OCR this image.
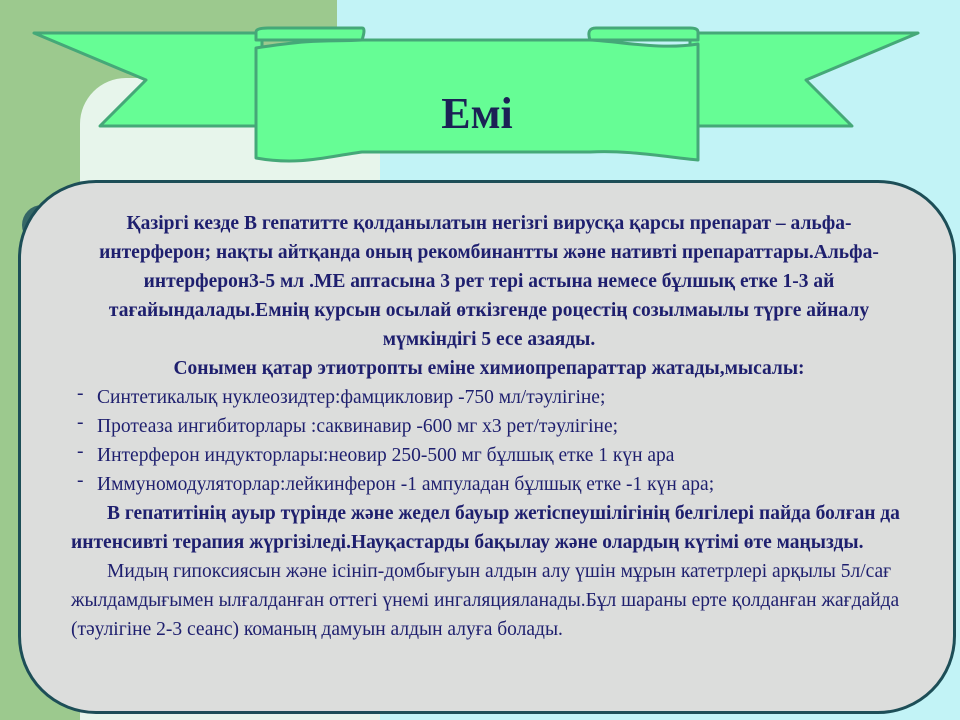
Емі

Қазіргі кезде В гепатитте қолданылатын негізгі вирусқа қарсы препарат – альфа-интерферон; нақты айтқанда оның рекомбинантты және нативті препараттары.Альфа-интерферон3-5 мл .МЕ аптасына 3 рет тері астына немесе бұлшық етке 1-3 ай тағайындалады.Емнің курсын осылай өткізгенде роцестің созылмаылы түрге айналу мүмкіндігі 5 есе азаяды.

Сонымен қатар этиотропты еміне химиопрепараттар жатады,мысалы:

- Синтетикалық нуклеозидтер:фамцикловир -750 мл/тәулігіне;
- Протеаза ингибиторлары :саквинавир -600 мг х3 рет/тәулігіне;
- Интерферон индукторлары:неовир 250-500 мг бұлшық етке 1 күн ара
- Иммуномодуляторлар:лейкинферон -1 ампуладан бұлшық етке -1 күн ара;

В гепатитінің ауыр түрінде және жедел бауыр жетіспеушілігінің белгілері пайда болған да интенсивті терапия жүргізіледі.Науқастарды бақылау және олардың күтімі өте маңызды.

Мидың гипоксиясын және ісініп-домбығуын алдын алу үшін мұрын катетрлері арқылы 5л/сағ жылдамдығымен ылғалданған оттегі үнемі ингаляцияланады.Бұл шараны ерте қолданған жағдайда (тәулігіне 2-3 сеанс) команың дамуын алдын алуға болады.
